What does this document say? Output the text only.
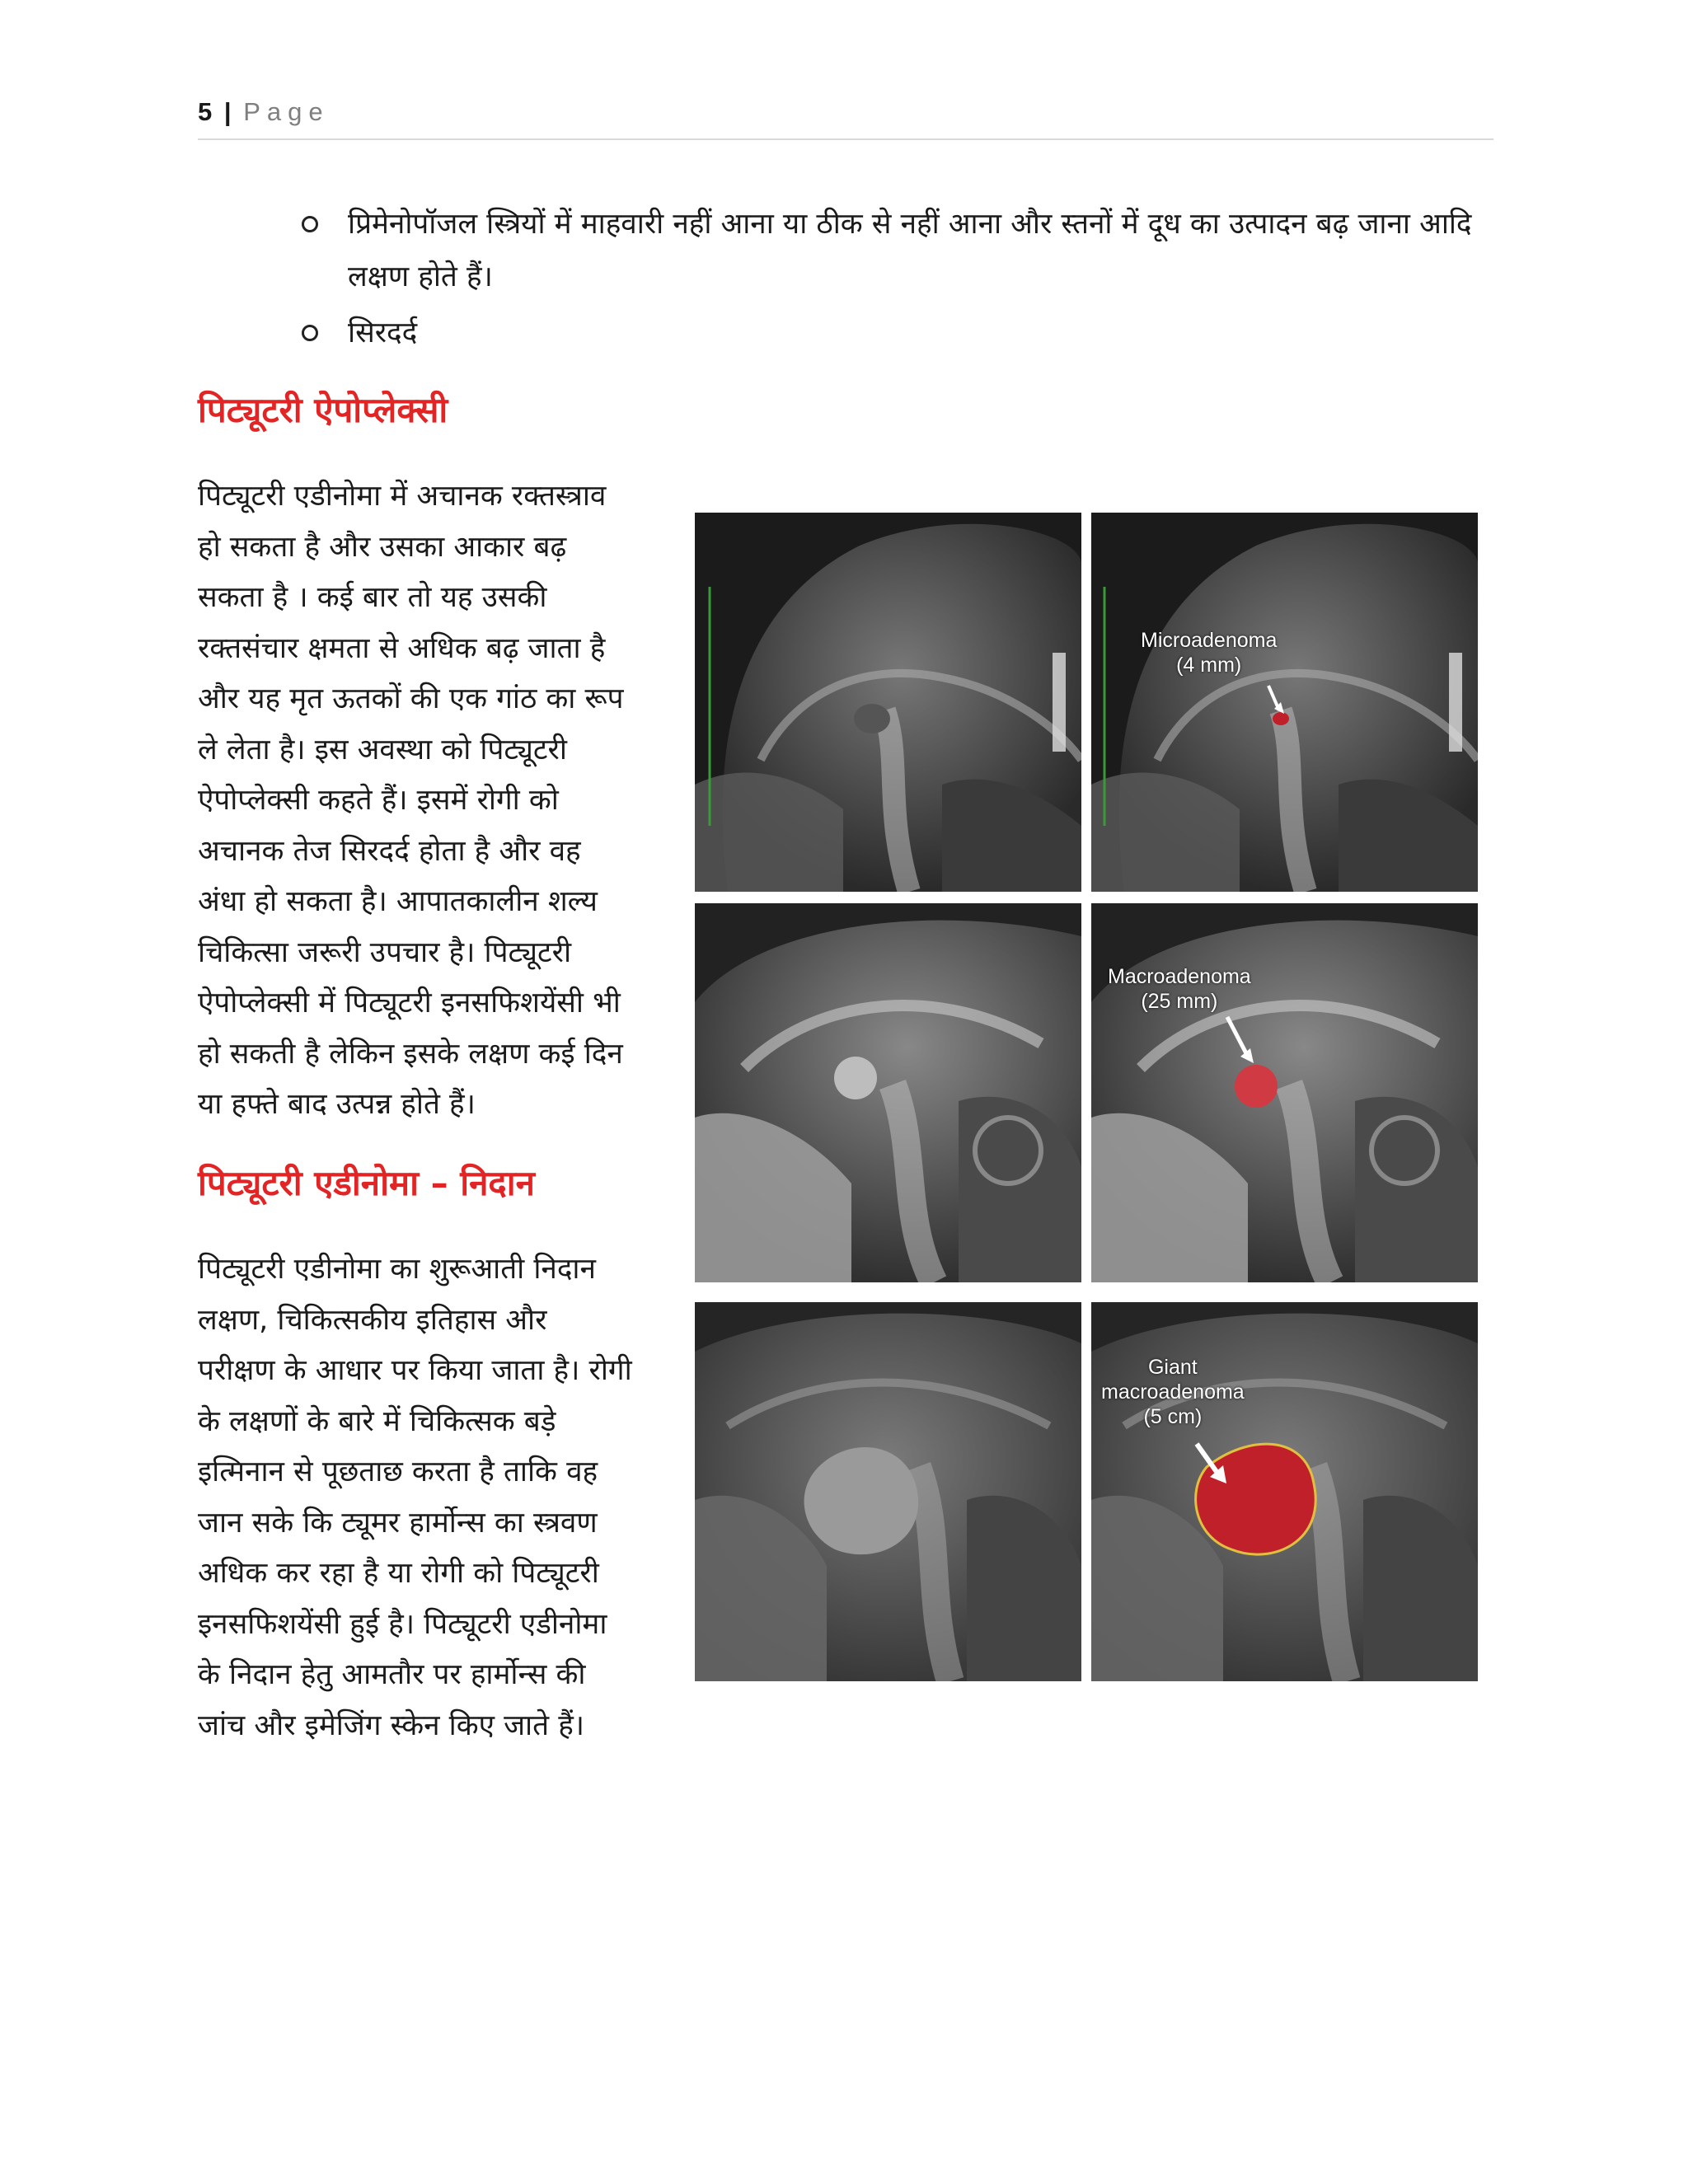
5 | Page
प्रिमेनोपॉजल स्त्रियों में माहवारी नहीं आना या ठीक से नहीं आना और स्तनों में दूध का उत्पादन बढ़ जाना आदि लक्षण होते हैं।
सिरदर्द
पिट्यूटरी ऐपोप्लेक्सी
पिट्यूटरी एडीनोमा में अचानक रक्तस्त्राव
हो सकता है और उसका आकार बढ़
सकता है । कई बार तो यह उसकी
रक्तसंचार क्षमता से अधिक बढ़ जाता है
और यह मृत ऊतकों की एक गांठ का रूप
ले लेता है। इस अवस्था को पिट्यूटरी
ऐपोप्लेक्सी कहते हैं। इसमें रोगी को
अचानक तेज सिरदर्द होता है और वह
अंधा हो सकता है। आपातकालीन शल्य
चिकित्सा जरूरी उपचार है। पिट्यूटरी
ऐपोप्लेक्सी में पिट्यूटरी इनसफिशयेंसी भी
हो सकती है लेकिन इसके लक्षण कई दिन
या हफ्ते बाद उत्पन्न होते हैं।
पिट्यूटरी एडीनोमा – निदान
पिट्यूटरी एडीनोमा का शुरूआती निदान
लक्षण, चिकित्सकीय इतिहास और
परीक्षण के आधार पर किया जाता है। रोगी
के लक्षणों के बारे में चिकित्सक बड़े
इत्मिनान से पूछताछ करता है ताकि वह
जान सके कि ट्यूमर हार्मोन्स का स्त्रवण
अधिक कर रहा है या रोगी को पिट्यूटरी
इनसफिशयेंसी हुई है। पिट्यूटरी एडीनोमा
के निदान हेतु आमतौर पर हार्मोन्स की
जांच और इमेजिंग स्केन किए जाते हैं।
Microadenoma
(4 mm)
Macroadenoma
(25 mm)
Giant
macroadenoma
(5 cm)
